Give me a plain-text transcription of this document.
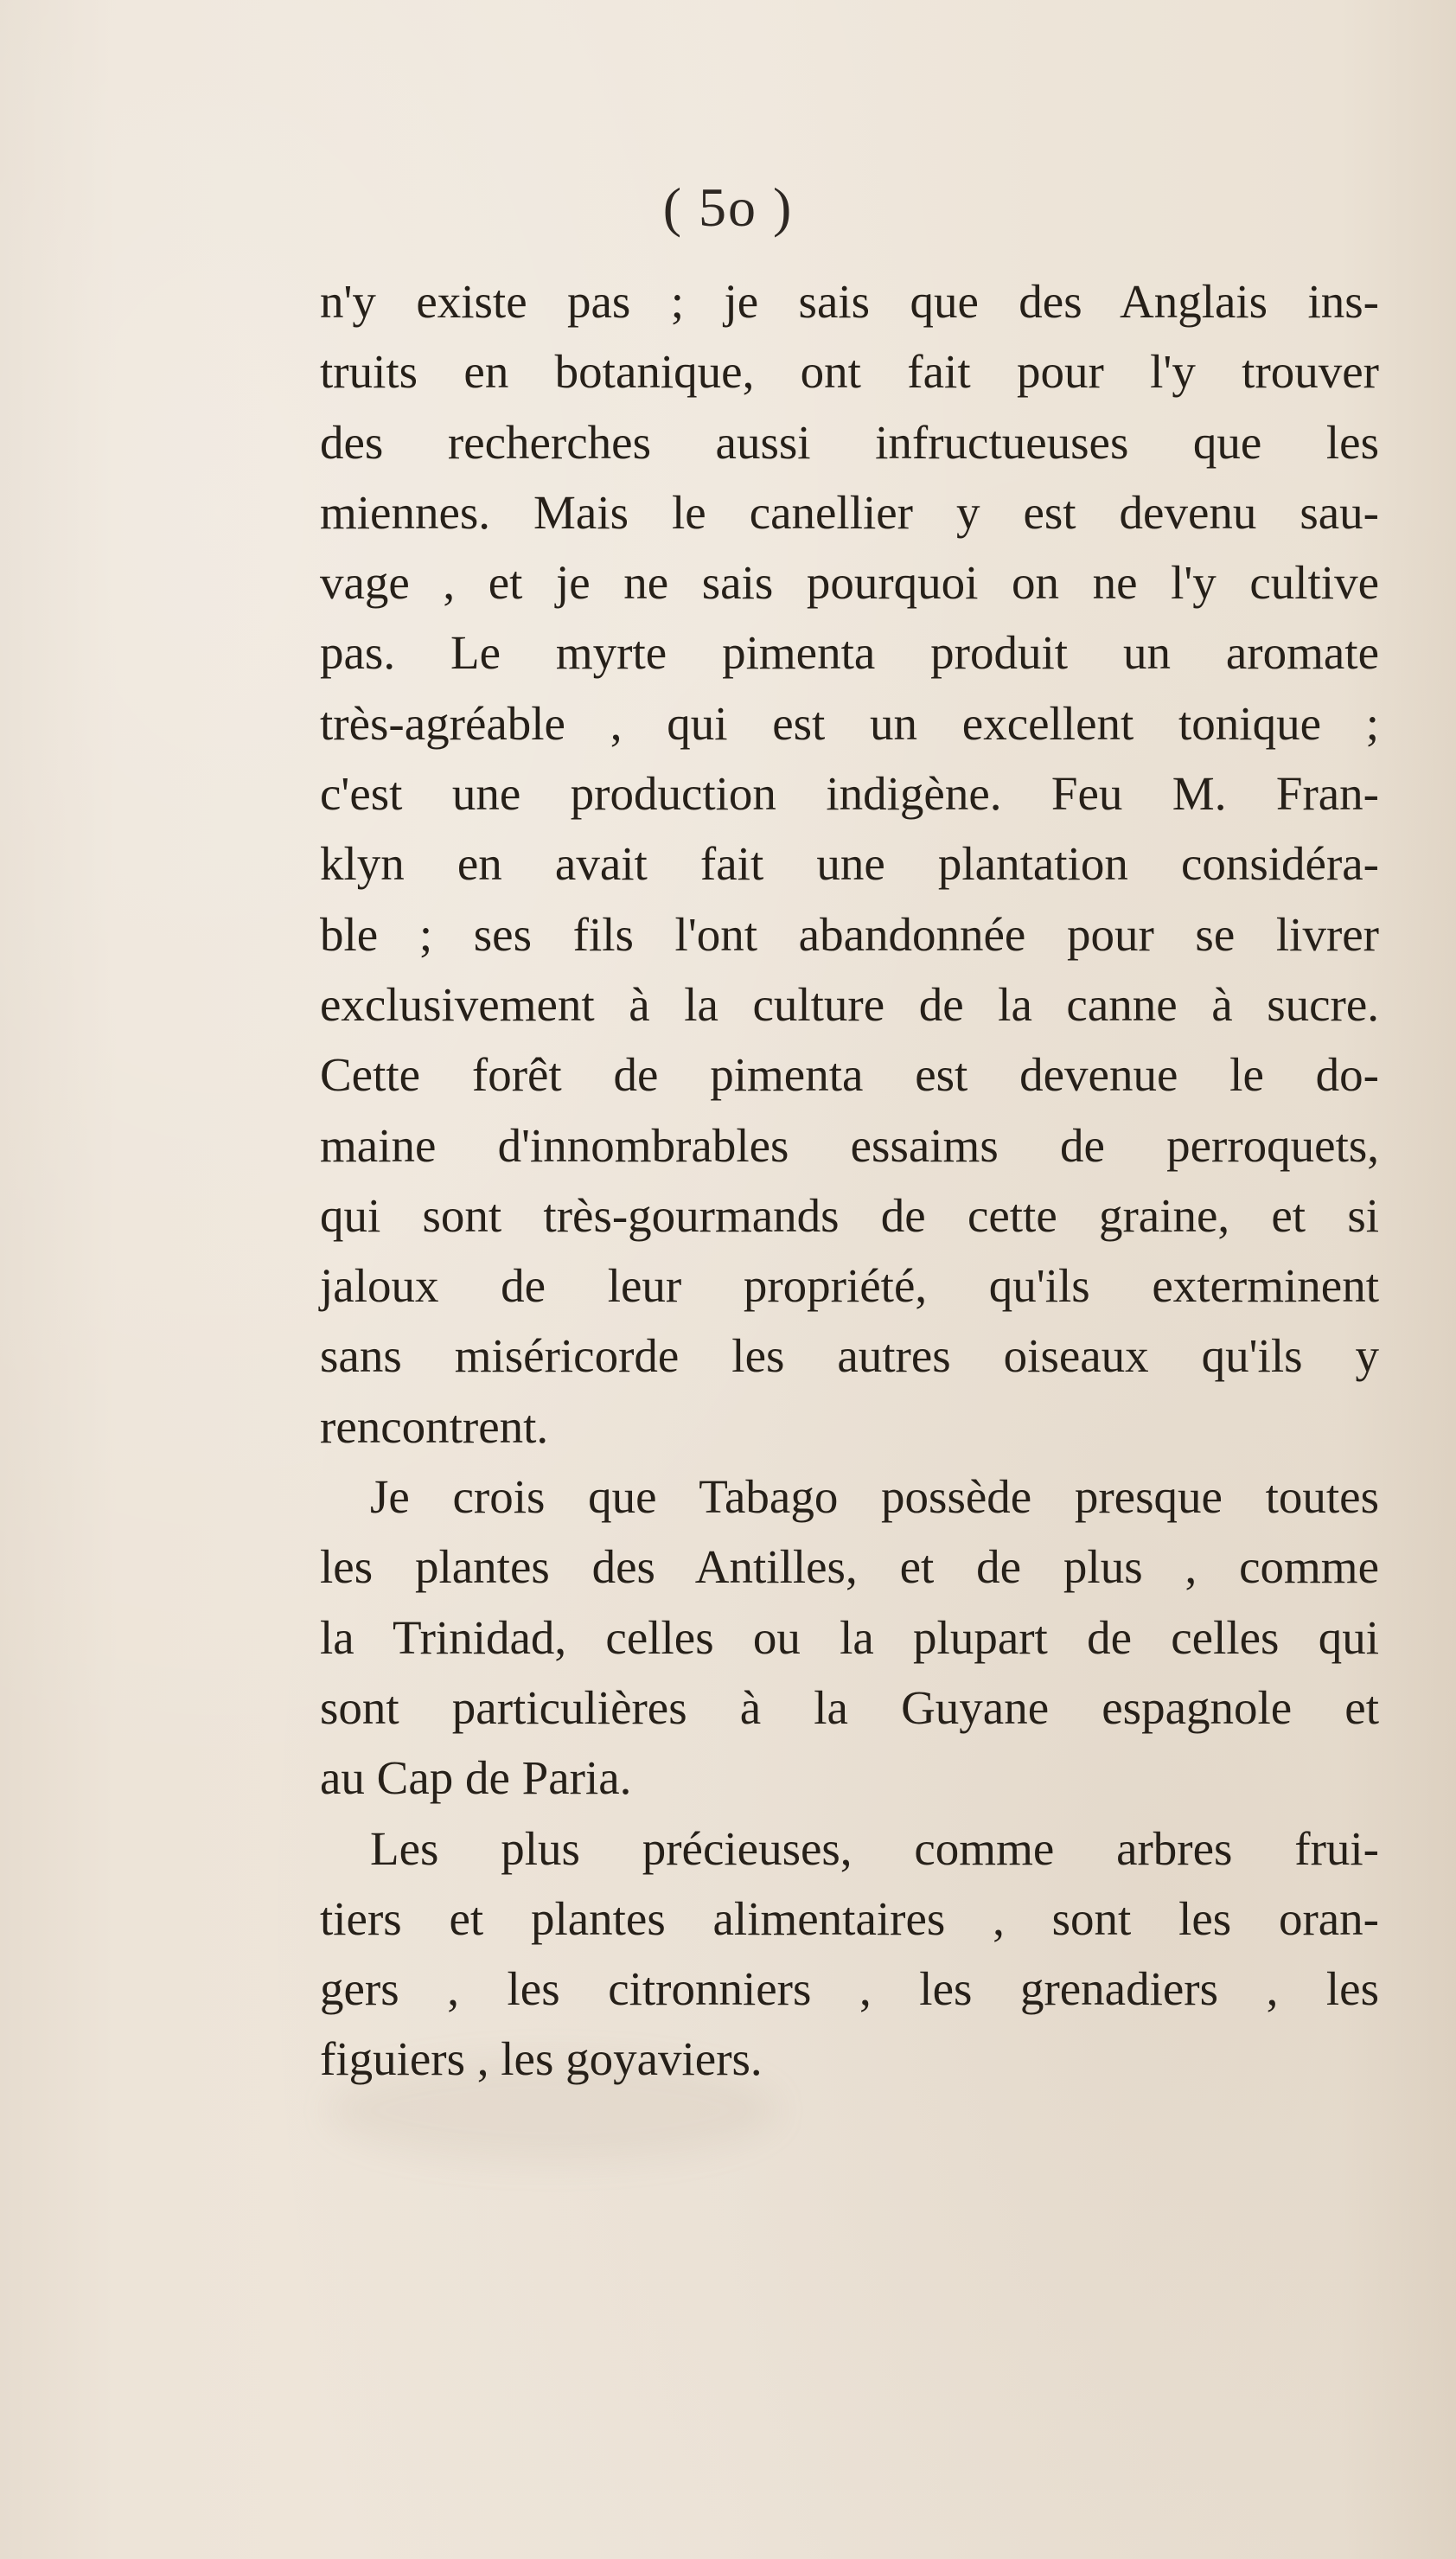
( 5o )
n'y existe pas ; je sais que des Anglais ins-
truits en botanique, ont fait pour l'y trouver
des recherches aussi infructueuses que les
miennes. Mais le canellier y est devenu sau-
vage , et je ne sais pourquoi on ne l'y cultive
pas. Le myrte pimenta produit un aromate
très-agréable , qui est un excellent tonique ;
c'est une production indigène. Feu M. Fran-
klyn en avait fait une plantation considéra-
ble ; ses fils l'ont abandonnée pour se livrer
exclusivement à la culture de la canne à sucre.
Cette forêt de pimenta est devenue le do-
maine d'innombrables essaims de perroquets,
qui sont très-gourmands de cette graine, et si
jaloux de leur propriété, qu'ils exterminent
sans miséricorde les autres oiseaux qu'ils y
rencontrent.
Je crois que Tabago possède presque toutes
les plantes des Antilles, et de plus , comme
la Trinidad, celles ou la plupart de celles qui
sont particulières à la Guyane espagnole et
au Cap de Paria.
Les plus précieuses, comme arbres frui-
tiers et plantes alimentaires , sont les oran-
gers , les citronniers , les grenadiers , les
figuiers , les goyaviers.
